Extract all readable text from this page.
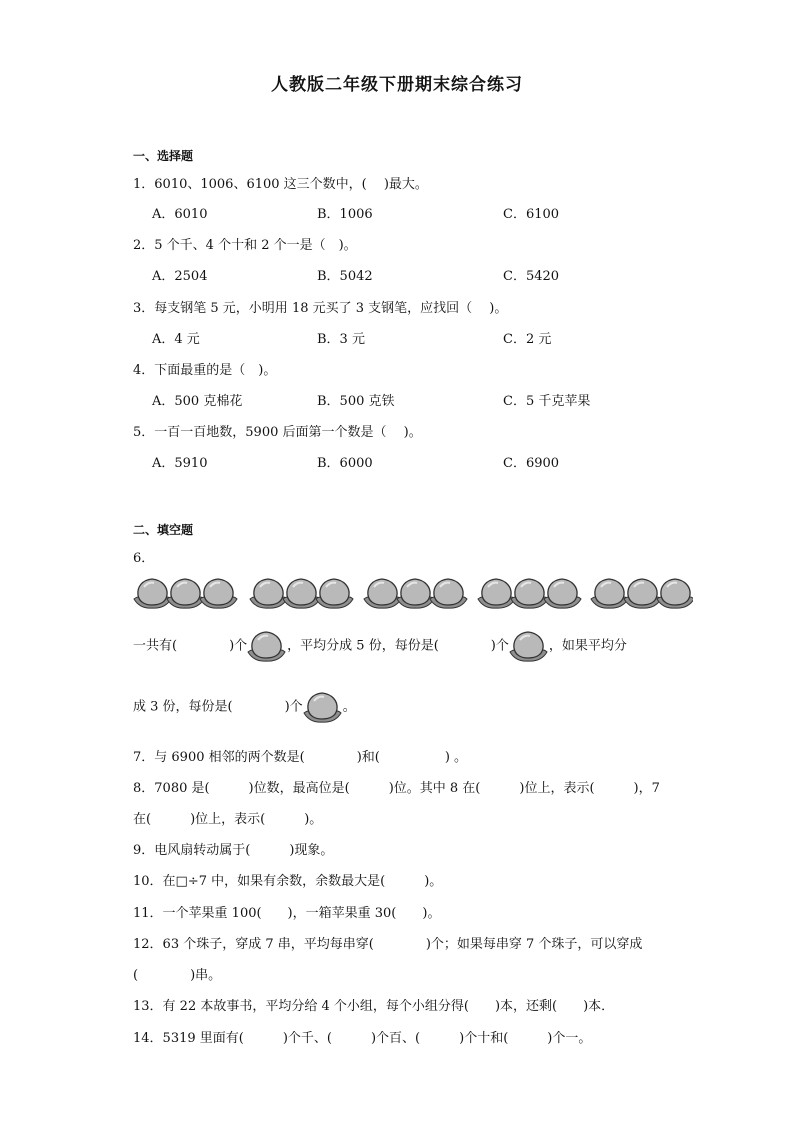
人教版二年级下册期末综合练习
一、选择题
1．6010、1006、6100 这三个数中，(　 )最大。
A．6010	B．1006	C．6100
2．5 个千、4 个十和 2 个一是（　)。
A．2504	B．5042	C．5420
3．每支钢笔 5 元，小明用 18 元买了 3 支钢笔，应找回（　 )。
A．4 元	B．3 元	C．2 元
4．下面最重的是（　)。
A．500 克棉花	B．500 克铁	C．5 千克苹果
5．一百一百地数，5900 后面第一个数是（　 )。
A．5910	B．6000	C．6900
二、填空题
6．
一共有(　　　　)个	，平均分成 5 份，每份是(　　　　)个	，如果平均分
成 3 份，每份是(　　　　)个	。
7．与 6900 相邻的两个数是(　　　　)和(　　　　　) 。
8．7080 是(　　　)位数，最高位是(　　　)位。其中 8 在(　　　)位上，表示(　　　)，7
在(　　　)位上，表示(　　　)。
9．电风扇转动属于(　　　)现象。
10．在□÷7 中，如果有余数，余数最大是(　　　)。
11．一个苹果重 100(　　)，一箱苹果重 30(　　)。
12．63 个珠子，穿成 7 串，平均每串穿(　　　　)个；如果每串穿 7 个珠子，可以穿成
(　　　　)串。
13．有 22 本故事书，平均分给 4 个小组，每个小组分得(　　)本，还剩(　　)本．
14．5319 里面有(　　　)个千、(　　　)个百、(　　　)个十和(　　　)个一。
